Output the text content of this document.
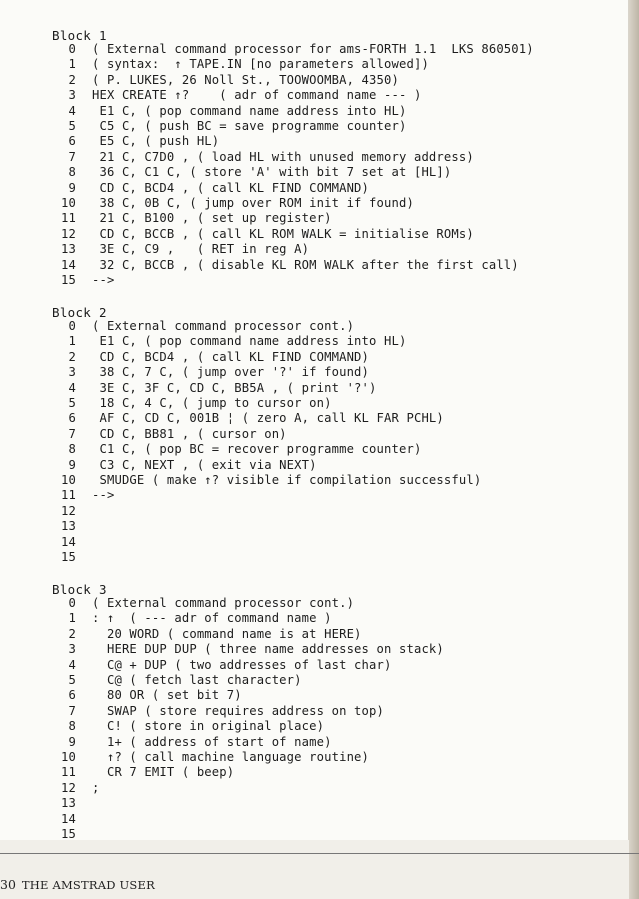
Block 1
0 ( External command processor for ams-FORTH 1.1  LKS 860501)
1 ( syntax:  ↑ TAPE.IN [no parameters allowed])
2 ( P. LUKES, 26 Noll St., TOOWOOMBA, 4350)
3 HEX CREATE ↑?    ( adr of command name --- )
4 E1 C, ( pop command name address into HL)
5 C5 C, ( push BC = save programme counter)
6 E5 C, ( push HL)
7 21 C, C7D0 , ( load HL with unused memory address)
8 36 C, C1 C, ( store 'A' with bit 7 set at [HL])
9 CD C, BCD4 , ( call KL FIND COMMAND)
10 38 C, 0B C, ( jump over ROM init if found)
11 21 C, B100 , ( set up register)
12 CD C, BCCB , ( call KL ROM WALK = initialise ROMs)
13 3E C, C9 ,   ( RET in reg A)
14 32 C, BCCB , ( disable KL ROM WALK after the first call)
15 -->
Block 2
0 ( External command processor cont.)
1 E1 C, ( pop command name address into HL)
2 CD C, BCD4 , ( call KL FIND COMMAND)
3 38 C, 7 C, ( jump over '?' if found)
4 3E C, 3F C, CD C, BB5A , ( print '?')
5 18 C, 4 C, ( jump to cursor on)
6 AF C, CD C, 001B ¦ ( zero A, call KL FAR PCHL)
7 CD C, BB81 , ( cursor on)
8 C1 C, ( pop BC = recover programme counter)
9 C3 C, NEXT , ( exit via NEXT)
10 SMUDGE ( make ↑? visible if compilation successful)
11 -->
12
13
14
15
Block 3
0 ( External command processor cont.)
1 : ↑  ( --- adr of command name )
2  20 WORD ( command name is at HERE)
3  HERE DUP DUP ( three name addresses on stack)
4  C@ + DUP ( two addresses of last char)
5  C@ ( fetch last character)
6  80 OR ( set bit 7)
7  SWAP ( store requires address on top)
8  C! ( store in original place)
9  1+ ( address of start of name)
10  ↑? ( call machine language routine)
11  CR 7 EMIT ( beep)
12 ;
13
14
15
30 THE AMSTRAD USER
